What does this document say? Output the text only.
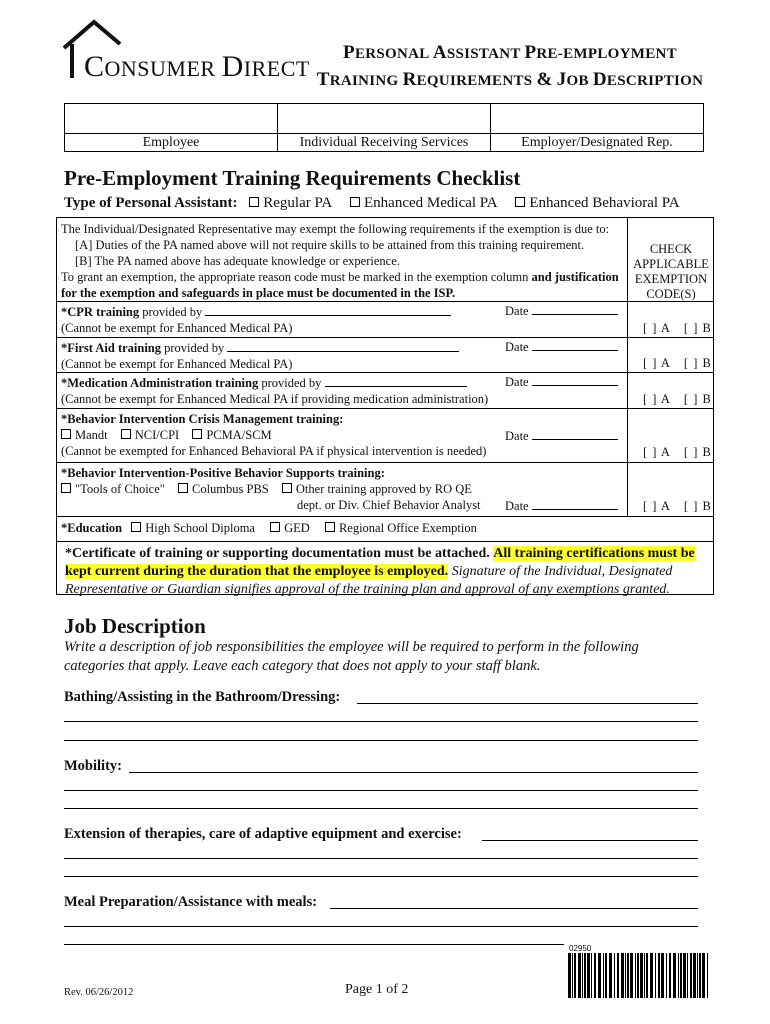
CONSUMER DIRECT
PERSONAL ASSISTANT PRE-EMPLOYMENT
TRAINING REQUIREMENTS & JOB DESCRIPTION
Employee	Individual Receiving Services	Employer/Designated Rep.
Pre-Employment Training Requirements Checklist
Type of Personal Assistant: Regular PA Enhanced Medical PA Enhanced Behavioral PA

The Individual/Designated Representative may exempt the following requirements if the exemption is due to:

[A] Duties of the PA named above will not require skills to be attained from this training requirement.

[B] The PA named above has adequate knowledge or experience.

To grant an exemption, the appropriate reason code must be marked in the exemption column and justification

for the exemption and safeguards in place must be documented in the ISP.

CHECK
APPLICABLE
EXEMPTION
CODE(S)
*CPR training provided by
(Cannot be exempt for Enhanced Medical PA)
Date
[ ] A [ ] B
*First Aid training provided by
(Cannot be exempt for Enhanced Medical PA)
Date
[ ] A [ ] B
*Medication Administration training provided by
(Cannot be exempt for Enhanced Medical PA if providing medication administration)
Date
[ ] A [ ] B
*Behavior Intervention Crisis Management training:
Mandt NCI/CPI PCMA/SCM
(Cannot be exempted for Enhanced Behavioral PA if physical intervention is needed)
Date
[ ] A [ ] B
*Behavior Intervention-Positive Behavior Supports training:
"Tools of Choice" Columbus PBS Other training approved by RO QE
dept. or Div. Chief Behavior Analyst	Date	[ ] A [ ] B
*Education High School Diploma GED Regional Office Exemption
*Certificate of training or supporting documentation must be attached. All training certifications must be
kept current during the duration that the employee is employed. Signature of the Individual, Designated
Representative or Guardian signifies approval of the training plan and approval of any exemptions granted.
Job Description
Write a description of job responsibilities the employee will be required to perform in the following
categories that apply. Leave each category that does not apply to your staff blank.
Bathing/Assisting in the Bathroom/Dressing:
Mobility:
Extension of therapies, care of adaptive equipment and exercise:
Meal Preparation/Assistance with meals:
02950
Rev. 06/26/2012	Page 1 of 2
